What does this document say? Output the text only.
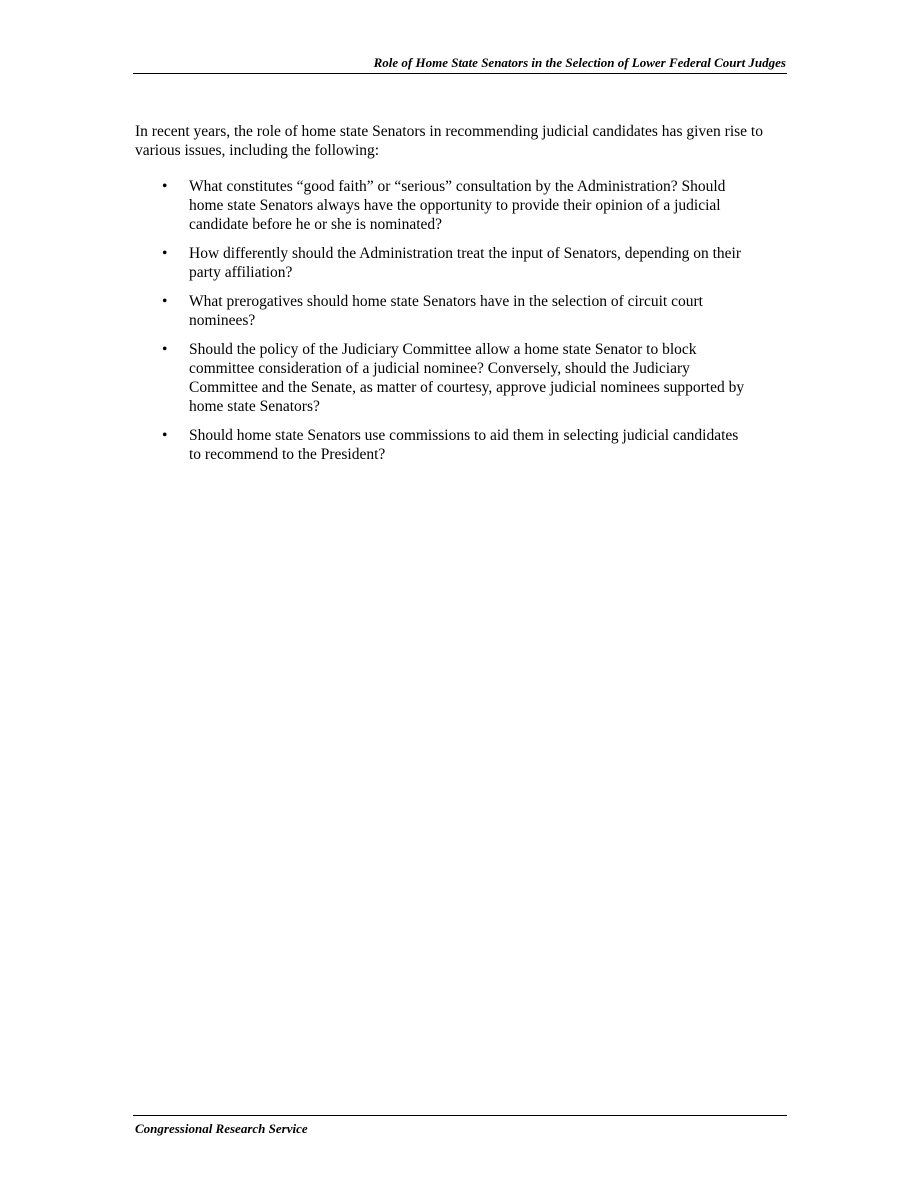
Role of Home State Senators in the Selection of Lower Federal Court Judges

In recent years, the role of home state Senators in recommending judicial candidates has given rise to various issues, including the following:

• What constitutes “good faith” or “serious” consultation by the Administration? Should home state Senators always have the opportunity to provide their opinion of a judicial candidate before he or she is nominated?
• How differently should the Administration treat the input of Senators, depending on their party affiliation?
• What prerogatives should home state Senators have in the selection of circuit court nominees?
• Should the policy of the Judiciary Committee allow a home state Senator to block committee consideration of a judicial nominee? Conversely, should the Judiciary Committee and the Senate, as matter of courtesy, approve judicial nominees supported by home state Senators?
• Should home state Senators use commissions to aid them in selecting judicial candidates to recommend to the President?
Congressional Research Service
